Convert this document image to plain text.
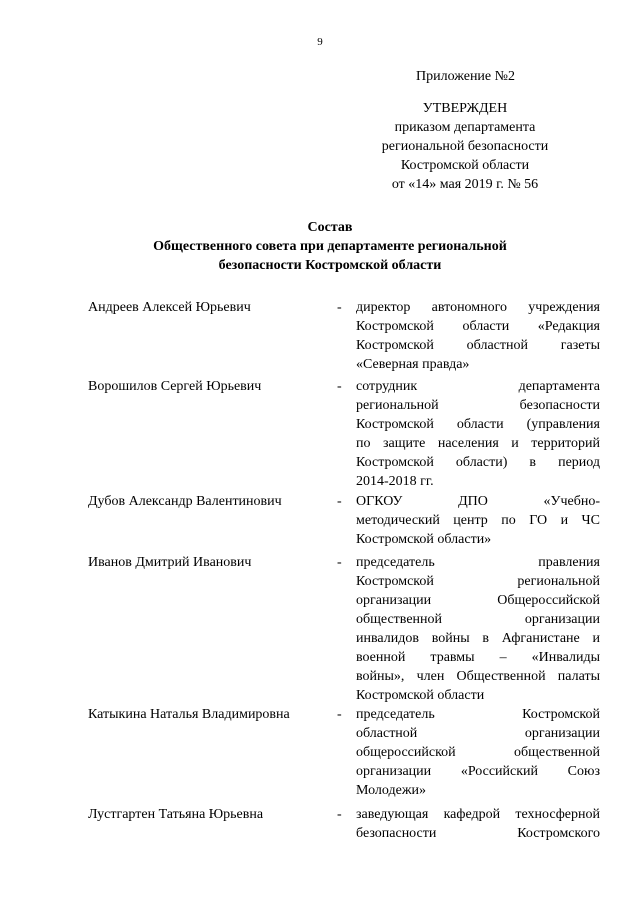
9
Приложение №2
УТВЕРЖДЕН
приказом департамента
региональной безопасности
Костромской области
от «14» мая 2019 г. № 56
Состав
Общественного совета при департаменте региональной
безопасности Костромской области
Андреев Алексей Юрьевич	- директор автономного учреждения
Костромской области «Редакция
Костромской областной газеты
«Северная правда»
Ворошилов Сергей Юрьевич	- сотрудник департамента
региональной безопасности
Костромской области (управления
по защите населения и территорий
Костромской области) в период
2014-2018 гг.
Дубов Александр Валентинович	- ОГКОУ ДПО «Учебно-
методический центр по ГО и ЧС
Костромской области»
Иванов Дмитрий Иванович	- председатель правления
Костромской региональной
организации Общероссийской
общественной организации
инвалидов войны в Афганистане и
военной травмы – «Инвалиды
войны», член Общественной палаты
Костромской области
Катыкина Наталья Владимировна	- председатель Костромской
областной организации
общероссийской общественной
организации «Российский Союз
Молодежи»
Лустгартен Татьяна Юрьевна	- заведующая кафедрой техносферной
безопасности Костромского
